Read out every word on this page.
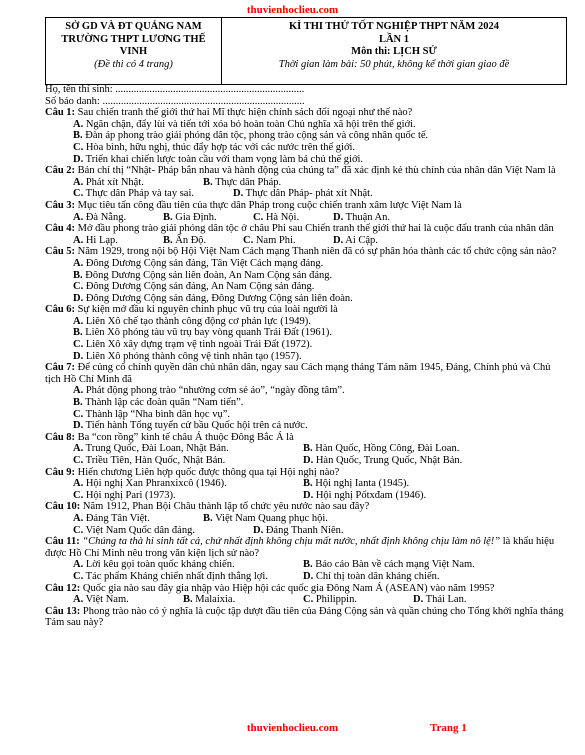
thuvienhoclieu.com
SỞ GD VÀ ĐT QUẢNG NAM
TRƯỜNG THPT LƯƠNG THẾ
VINH
(Đề thi có 4 trang)
KÌ THI THỬ TỐT NGHIỆP THPT NĂM 2024
LẦN 1
Môn thi: LỊCH SỬ
Thời gian làm bài: 50 phút, không kể thời gian giao đề
Họ, tên thí sinh: ........................................................................
Số báo danh: .............................................................................
Câu 1: Sau chiến tranh thế giới thứ hai Mĩ thực hiện chính sách đối ngoại như thế nào?
A. Ngăn chặn, đẩy lùi và tiến tới xóa bỏ hoàn toàn Chủ nghĩa xã hội trên thế giới.
B. Đàn áp phong trào giải phóng dân tộc, phong trào cộng sản và công nhân quốc tế.
C. Hòa bình, hữu nghị, thúc đẩy hợp tác với các nước trên thế giới.
D. Triển khai chiến lược toàn cầu với tham vọng làm bá chủ thế giới.
Câu 2: Bản chỉ thị “Nhật- Pháp bắn nhau và hành động của chúng ta” đã xác định kẻ thù chính của nhân dân Việt Nam là
A. Phát xít Nhật.	B. Thực dân Pháp.
C. Thực dân Pháp và tay sai.	D. Thực dân Pháp- phát xít Nhật.
Câu 3: Mục tiêu tấn công đầu tiên của thực dân Pháp trong cuộc chiến tranh xâm lược Việt Nam là
A. Đà Nẵng.	B. Gia Định.	C. Hà Nội.	D. Thuận An.
Câu 4: Mở đầu phong trào giải phóng dân tộc ở châu Phi sau Chiến tranh thế giới thứ hai là cuộc đấu tranh của nhân dân
A. Hi Lạp.	B. Ấn Độ.	C. Nam Phi.	D. Ai Cập.
Câu 5: Năm 1929, trong nội bộ Hội Việt Nam Cách mạng Thanh niên đã có sự phân hóa thành các tổ chức cộng sản nào?
A. Đông Dương Cộng sản đảng, Tân Việt Cách mạng đảng.
B. Đông Dương Cộng sản liên đoàn, An Nam Cộng sản đảng.
C. Đông Dương Cộng sản đảng, An Nam Cộng sản đảng.
D. Đông Dương Cộng sản đảng, Đông Dương Cộng sản liên đoàn.
Câu 6: Sự kiện mở đầu kỉ nguyên chinh phục vũ trụ của loài người là
A. Liên Xô chế tạo thành công động cơ phản lực (1949).
B. Liên Xô phóng tàu vũ trụ bay vòng quanh Trái Đất (1961).
C. Liên Xô xây dựng trạm vệ tinh ngoài Trái Đất (1972).
D. Liên Xô phóng thành công vệ tinh nhân tạo (1957).
Câu 7: Để củng cố chính quyền dân chủ nhân dân, ngay sau Cách mạng tháng Tám năm 1945, Đảng, Chính phủ và Chủ tịch Hồ Chí Minh đã
A. Phát động phong trào “nhường cơm sẻ áo”, “ngày đồng tâm”.
B. Thành lập các đoàn quân “Nam tiến”.
C. Thành lập “Nha bình dân học vụ”.
D. Tiến hành Tổng tuyển cử bầu Quốc hội trên cả nước.
Câu 8: Ba “con rồng” kinh tế châu Á thuộc Đông Bắc Á là
A. Trung Quốc, Đài Loan, Nhật Bản.	B. Hàn Quốc, Hồng Công, Đài Loan.
C. Triều Tiên, Hàn Quốc, Nhật Bản.	D. Hàn Quốc, Trung Quốc, Nhật Bản.
Câu 9: Hiến chương Liên hợp quốc được thông qua tại Hội nghị nào?
A. Hội nghị Xan Phranxixcô (1946).	B. Hội nghị Ianta (1945).
C. Hội nghị Pari (1973).	D. Hội nghị Pốtxđam (1946).
Câu 10: Năm 1912, Phan Bội Châu thành lập tổ chức yêu nước nào sau đây?
A. Đảng Tân Việt.	B. Việt Nam Quang phục hội.
C. Việt Nam Quốc dân đảng.	D. Đảng Thanh Niên.
Câu 11: “Chúng ta thà hi sinh tất cả, chứ nhất định không chịu mất nước, nhất định không chịu làm nô lệ!” là khẩu hiệu được Hồ Chí Minh nêu trong văn kiện lịch sử nào?
A. Lời kêu gọi toàn quốc kháng chiến.	B. Báo cáo Bàn về cách mạng Việt Nam.
C. Tác phẩm Kháng chiến nhất định thắng lợi.	D. Chỉ thị toàn dân kháng chiến.
Câu 12: Quốc gia nào sau đây gia nhập vào Hiệp hội các quốc gia Đông Nam Á (ASEAN) vào năm 1995?
A. Việt Nam.	B. Malaixia.	C. Philippin.	D. Thái Lan.
Câu 13: Phong trào nào có ý nghĩa là cuộc tập dượt đầu tiên của Đảng Cộng sản và quần chúng cho Tổng khởi nghĩa tháng Tám sau này?
thuvienhoclieu.com	Trang 1
